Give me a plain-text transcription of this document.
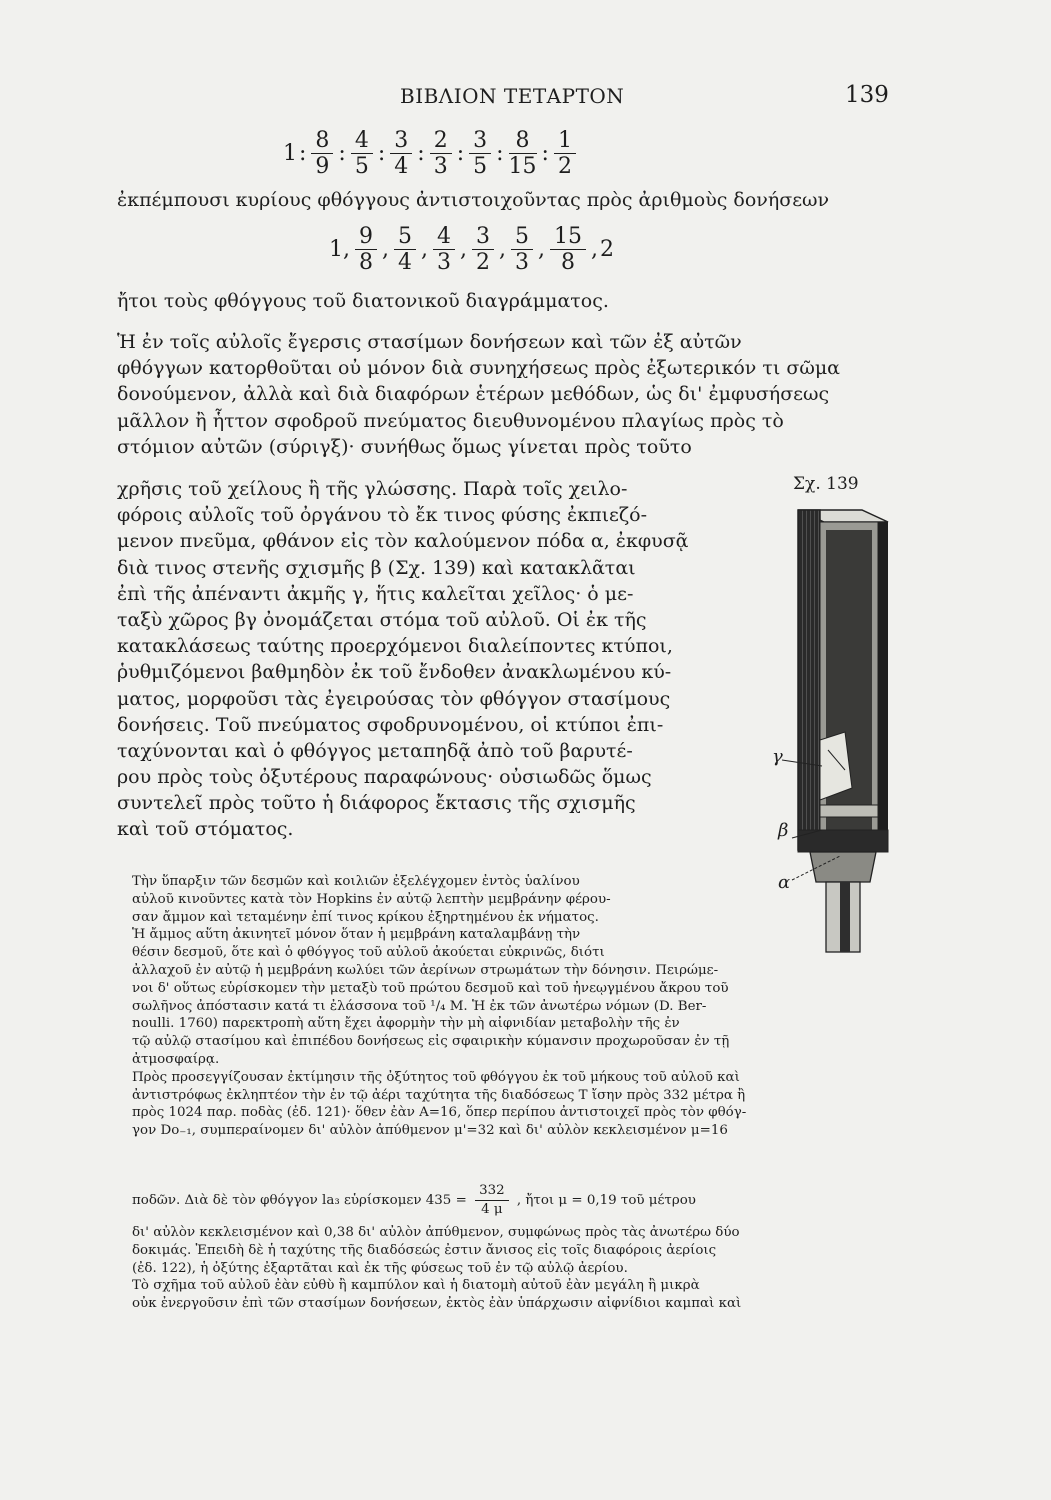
ΒΙΒΛΙΟΝ ΤΕΤΑΡΤΟΝ	139
1: $\frac{8}{9}$ : $\frac{4}{5}$ : $\frac{3}{4}$ : $\frac{2}{3}$ : $\frac{3}{5}$ : $\frac{8}{15}$ : $\frac{1}{2}$
ἐκπέμπουσι κυρίους φθόγγους ἀντιστοιχοῦντας πρὸς ἀριθμοὺς δονήσεων
1, $\frac{9}{8}$ , $\frac{5}{4}$ , $\frac{4}{3}$ , $\frac{3}{2}$ , $\frac{5}{3}$ , $\frac{15}{8} ,2$
ἤτοι τοὺς φθόγγους τοῦ διατονικοῦ διαγράμματος.
Ἡ ἐν τοῖς αὐλοῖς ἔγερσις στασίμων δονήσεων καὶ τῶν ἐξ αὐτῶν
φθόγγων κατορθοῦται οὐ μόνον διὰ συνηχήσεως πρὸς ἐξωτερικόν τι σῶμα
δονούμενον, ἀλλὰ καὶ διὰ διαφόρων ἑτέρων μεθόδων, ὡς δι' ἐμφυσήσεως
μᾶλλον ἢ ἧττον σφοδροῦ πνεύματος διευθυνομένου πλαγίως πρὸς τὸ
στόμιον αὐτῶν (σύριγξ)· συνήθως ὅμως γίνεται πρὸς τοῦτο
χρῆσις τοῦ χείλους ἢ τῆς γλώσσης. Παρὰ τοῖς χειλο-
φόροις αὐλοῖς τοῦ ὀργάνου τὸ ἔκ τινος φύσης ἐκπιεζό-
μενον πνεῦμα, φθάνον εἰς τὸν καλούμενον πόδα α, ἐκφυσᾷ
διὰ τινος στενῆς σχισμῆς β (Σχ. 139) καὶ κατακλᾶται
ἐπὶ τῆς ἀπέναντι ἀκμῆς γ, ἥτις καλεῖται χεῖλος· ὁ με-
ταξὺ χῶρος βγ ὀνομάζεται στόμα τοῦ αὐλοῦ. Οἱ ἐκ τῆς
κατακλάσεως ταύτης προερχόμενοι διαλείποντες κτύποι,
ῥυθμιζόμενοι βαθμηδὸν ἐκ τοῦ ἔνδοθεν ἀνακλωμένου κύ-
ματος, μορφοῦσι τὰς ἐγειρούσας τὸν φθόγγον στασίμους
δονήσεις. Τοῦ πνεύματος σφοδρυνομένου, οἱ κτύποι ἐπι-
ταχύνονται καὶ ὁ φθόγγος μεταπηδᾷ ἀπὸ τοῦ βαρυτέ-
ρου πρὸς τοὺς ὀξυτέρους παραφώνους· οὐσιωδῶς ὅμως
συντελεῖ πρὸς τοῦτο ἡ διάφορος ἔκτασις τῆς σχισμῆς
καὶ τοῦ στόματος.
Τὴν ὕπαρξιν τῶν δεσμῶν καὶ κοιλιῶν ἐξελέγχομεν ἐντὸς ὑαλίνου
αὐλοῦ κινοῦντες κατὰ τὸν Hopkins ἐν αὐτῷ λεπτὴν μεμβράνην φέρου-
σαν ἄμμον καὶ τεταμένην ἐπί τινος κρίκου ἐξηρτημένου ἐκ νήματος.
Ἡ ἄμμος αὕτη ἀκινητεῖ μόνον ὅταν ἡ μεμβράνη καταλαμβάνῃ τὴν
θέσιν δεσμοῦ, ὅτε καὶ ὁ φθόγγος τοῦ αὐλοῦ ἀκούεται εὐκρινῶς, διότι
ἀλλαχοῦ ἐν αὐτῷ ἡ μεμβράνη κωλύει τῶν ἀερίνων στρωμάτων τὴν δόνησιν. Πειρώμε-
νοι δ' οὕτως εὑρίσκομεν τὴν μεταξὺ τοῦ πρώτου δεσμοῦ καὶ τοῦ ἠνεῳγμένου ἄκρου τοῦ
σωλῆνος ἀπόστασιν κατά τι ἐλάσσονα τοῦ ¹/₄ Μ. Ἡ ἐκ τῶν ἀνωτέρω νόμων (D. Ber-
noulli. 1760) παρεκτροπὴ αὕτη ἔχει ἀφορμὴν τὴν μὴ αἰφνιδίαν μεταβολὴν τῆς ἐν
τῷ αὐλῷ στασίμου καὶ ἐπιπέδου δονήσεως εἰς σφαιρικὴν κύμανσιν προχωροῦσαν ἐν τῇ
ἀτμοσφαίρᾳ.
Πρὸς προσεγγίζουσαν ἐκτίμησιν τῆς ὀξύτητος τοῦ φθόγγου ἐκ τοῦ μήκους τοῦ αὐλοῦ καὶ
ἀντιστρόφως ἐκληπτέον τὴν ἐν τῷ ἀέρι ταχύτητα τῆς διαδόσεως T ἴσην πρὸς 332 μέτρα ἢ
πρὸς 1024 παρ. ποδὰς (ἐδ. 121)· ὅθεν ἐὰν Α=16, ὅπερ περίπου ἀντιστοιχεῖ πρὸς τὸν φθόγ-
γον Do₋₁, συμπεραίνομεν δι' αὐλὸν ἀπύθμενον μ'=32 καὶ δι' αὐλὸν κεκλεισμένον μ=16
ποδῶν. Διὰ δὲ τὸν φθόγγον la₃ εὑρίσκομεν $435 = \frac{332}{4 \mu}$ , ἤτοι μ = 0,19 τοῦ μέτρου
δι' αὐλὸν κεκλεισμένον καὶ 0,38 δι' αὐλὸν ἀπύθμενον, συμφώνως πρὸς τὰς ἀνωτέρω δύο
δοκιμάς. Ἐπειδὴ δὲ ἡ ταχύτης τῆς διαδόσεώς ἐστιν ἄνισος εἰς τοῖς διαφόροις ἀερίοις
(ἐδ. 122), ἡ ὀξύτης ἐξαρτᾶται καὶ ἐκ τῆς φύσεως τοῦ ἐν τῷ αὐλῷ ἀερίου.
Τὸ σχῆμα τοῦ αὐλοῦ ἐὰν εὐθὺ ἢ καμπύλον καὶ ἡ διατομὴ αὐτοῦ ἐὰν μεγάλη ἢ μικρὰ
οὐκ ἐνεργοῦσιν ἐπὶ τῶν στασίμων δονήσεων, ἐκτὸς ἐὰν ὑπάρχωσιν αἰφνίδιοι καμπαὶ καὶ
Σχ. 139
γ
β
α
